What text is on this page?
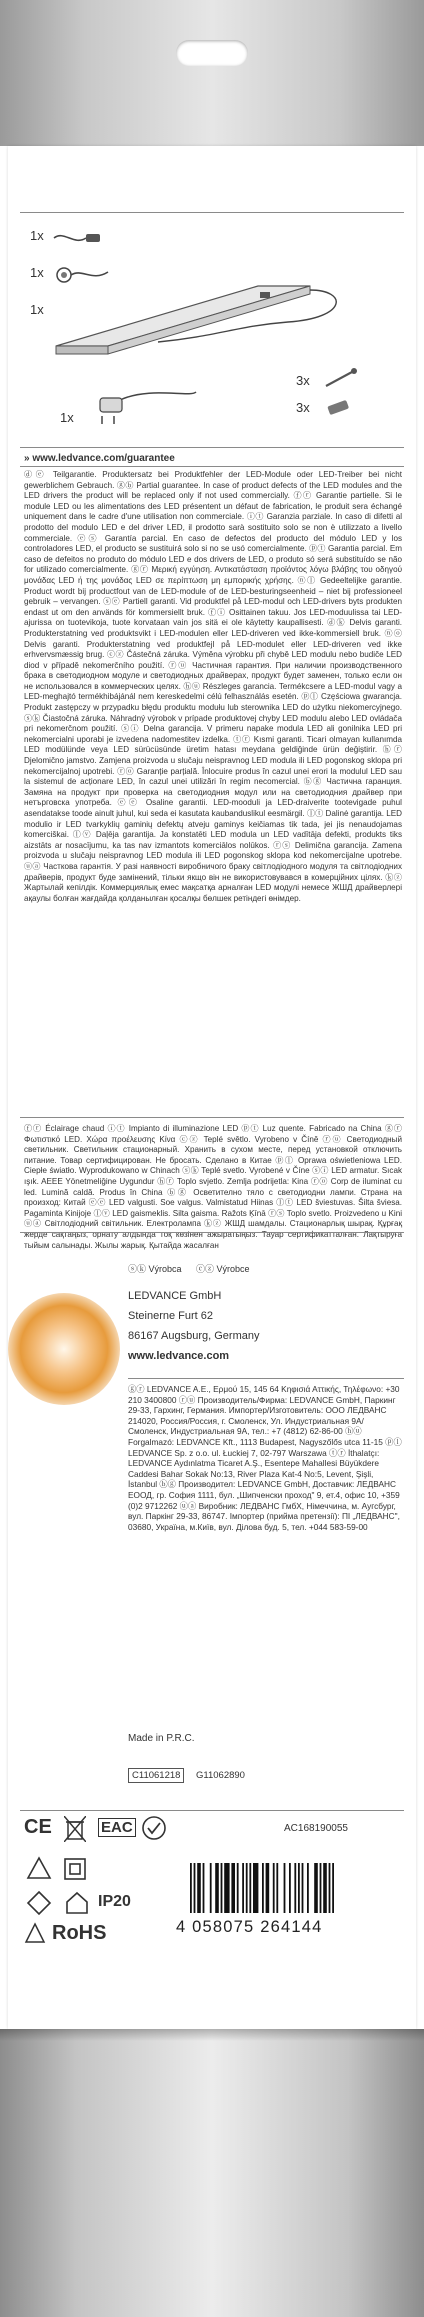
1x
1x
1x
1x
3x
3x
» www.ledvance.com/guarantee

ⓓⓔ Teilgarantie. Produktersatz bei Produktfehler der LED-Module oder LED-Treiber bei nicht gewerblichem Gebrauch. ⓖⓑ Partial guarantee. In case of product defects of the LED modules and the LED drivers the product will be replaced only if not used commercially. ⓕⓡ Garantie partielle. Si le module LED ou les alimentations des LED présentent un défaut de fabrication, le produit sera échangé uniquement dans le cadre d'une utilisation non commerciale. ⓘⓣ Garanzia parziale. In caso di difetti al prodotto del modulo LED e del driver LED, il prodotto sarà sostituito solo se non è utilizzato a livello commerciale. ⓔⓢ Garantía parcial. En caso de defectos del producto del módulo LED y los controladores LED, el producto se sustituirá solo si no se usó comercialmente. ⓟⓣ Garantia parcial. Em caso de defeitos no produto do módulo LED e dos drivers de LED, o produto só será substituído se não for utilizado comercialmente. ⓖⓡ Μερική εγγύηση. Αντικατάσταση προϊόντος λόγω βλάβης του οδηγού μονάδας LED ή της μονάδας LED σε περίπτωση μη εμπορικής χρήσης. ⓝⓛ Gedeeltelijke garantie. Product wordt bij productfout van de LED-module of de LED-besturingseenheid – niet bij professioneel gebruik – vervangen. ⓢⓔ Partiell garanti. Vid produktfel på LED-modul och LED-drivers byts produkten endast ut om den används för kommersiellt bruk. ⓕⓘ Osittainen takuu. Jos LED-moduulissa tai LED-ajurissa on tuotevikoja, tuote korvataan vain jos sitä ei ole käytetty kaupallisesti. ⓓⓚ Delvis garanti. Produkterstatning ved produktsvikt i LED-modulen eller LED-driveren ved ikke-kommersiell bruk. ⓝⓞ Delvis garanti. Produkterstatning ved produktfejl på LED-modulet eller LED-driveren ved ikke erhvervsmæssig brug. ⓒⓩ Částečná záruka. Výměna výrobku při chybě LED modulu nebo budiče LED diod v případě nekomerčního použití. ⓡⓤ Частичная гарантия. При наличии производственного брака в светодиодном модуле и светодиодных драйверах, продукт будет заменен, только если он не использовался в коммерческих целях. ⓗⓤ Részleges garancia. Termékcsere a LED-modul vagy a LED-meghajtó termékhibájánál nem kereskedelmi célú felhasználás esetén. ⓟⓛ Częściowa gwarancja. Produkt zastępczy w przypadku błędu produktu modułu lub sterownika LED do użytku niekomercyjnego. ⓢⓚ Čiastočná záruka. Náhradný výrobok v prípade produktovej chyby LED modulu alebo LED ovládača pri nekomerčnom použití. ⓢⓘ Delna garancija. V primeru napake modula LED ali gonilnika LED pri nekomercialni uporabi je izvedena nadomestitev izdelka. ⓣⓡ Kısmi garanti. Ticari olmayan kullanımda LED modülünde veya LED sürücüsünde üretim hatası meydana geldiğinde ürün değiştirir. ⓗⓡ Djelomično jamstvo. Zamjena proizvoda u slučaju neispravnog LED modula ili LED pogonskog sklopa pri nekomercijalnoj upotrebi. ⓡⓞ Garanție parțială. Înlocuire produs în cazul unei erori la modulul LED sau la sistemul de acționare LED, în cazul unei utilizări în regim necomercial. ⓑⓖ Частична гаранция. Замяна на продукт при проверка на светодиодния модул или на светодиодния драйвер при нетърговска употреба. ⓔⓔ Osaline garantii. LED-mooduli ja LED-draiverite tootevigade puhul asendatakse toode ainult juhul, kui seda ei kasutata kaubanduslikul eesmärgil. ⓛⓣ Dalinė garantija. LED modulio ir LED tvarkyklių gaminių defektų atveju gaminys keičiamas tik tada, jei jis nenaudojamas komerciškai. ⓛⓥ Daļēja garantija. Ja konstatēti LED modula un LED vadītāja defekti, produkts tiks aizstāts ar nosacījumu, ka tas nav izmantots komerciālos nolūkos. ⓡⓢ Delimična garancija. Zamena proizvoda u slučaju neispravnog LED modula ili LED pogonskog sklopa kod nekomercijalne upotrebe. ⓤⓐ Часткова гарантія. У разі наявності виробничого браку світлодіодного модуля та світлодіодних драйверів, продукт буде замінений, тільки якщо він не використовувався в комерційних цілях. ⓚⓩ Жартылай кепілдік. Коммерциялық емес мақсатқа арналған LED модулі немесе ЖШД драйверлері ақаулы болған жағдайда қолданылған қосалқы бөлшек ретіндегі өнімдер.

ⓕⓡ Éclairage chaud ⓘⓣ Impianto di illuminazione LED ⓟⓣ Luz quente. Fabricado na China ⓖⓡ Φωτιστικό LED. Χώρα προέλευσης Κίνα ⓒⓩ Teplé světlo. Vyrobeno v Číně ⓡⓤ Светодиодный светильник. Светильник стационарный. Хранить в сухом месте, перед установкой отключить питание. Товар сертифицирован. Не бросать. Сделано в Китае ⓟⓛ Oprawa oświetleniowa LED. Ciepłe światło. Wyprodukowano w Chinach ⓢⓚ Teplé svetlo. Vyrobené v Číne ⓢⓘ LED armatur. Sıcak ışık. AEEE Yönetmeliğine Uygundur ⓗⓡ Toplo svjetlo. Zemlja podrijetla: Kina ⓡⓞ Corp de iluminat cu led. Lumină caldă. Produs în China ⓑⓖ Осветително тяло с светодиодни лампи. Страна на произход: Китай ⓔⓔ LED valgusti. Soe valgus. Valmistatud Hiinas ⓛⓣ LED šviestuvas. Šilta šviesa. Pagaminta Kinijoje ⓛⓥ LED gaismeklis. Silta gaisma. Ražots Ķīnā ⓡⓢ Toplo svetlo. Proizvedeno u Kini ⓤⓐ Світлодіодний світильник. Електролампа ⓚⓩ ЖШД шамдалы. Стационарлық шырақ. Құрғақ жерде сақтаңыз, орнату алдында тоқ көзінен ажыратыңыз. Тауар сертификатталған. Лақтыруға тыйым салынады. Жылы жарық. Қытайда жасалған

ⓢⓚ Výrobca ⓒⓩ Výrobce
LEDVANCE GmbH
Steinerne Furt 62
86167 Augsburg, Germany
www.ledvance.com

ⓖⓡ LEDVANCE A.E., Ερμού 15, 145 64 Κηφισιά Αττικής, Τηλέφωνο: +30 210 3400800 ⓡⓤ Производитель/Фирма: LEDVANCE GmbH, Паркинг 29-33, Гархинг, Германия. Импортер/Изготовитель: ООО ЛЕДВАНС 214020, Россия/Россия, г. Смоленск, Ул. Индустриальная 9А/Смоленск, Индустриальная 9А, тел.: +7 (4812) 62-86-00 ⓗⓤ Forgalmazó: LEDVANCE Kft., 1113 Budapest, Nagyszőlős utca 11-15 ⓟⓛ LEDVANCE Sp. z o.o. ul. Łuckiej 7, 02-797 Warszawa ⓣⓡ İthalatçı: LEDVANCE Aydınlatma Ticaret A.Ş., Esentepe Mahallesi Büyükdere Caddesi Bahar Sokak No:13, River Plaza Kat-4 No:5, Levent, Şişli, İstanbul ⓑⓖ Производител: LEDVANCE GmbH, Доставчик: ЛЕДВАНС ЕООД, гр. София 1111, бул. „Шипченски проход" 9, ет.4, офис 10, +359 (0)2 9712262 ⓤⓐ Виробник: ЛЕДВАНС ГмбХ, Німеччина, м. Аугсбург, вул. Паркінг 29-33, 86747. Імпортер (прийма претензії): ПІ „ЛЕДВАНС", 03680, Україна, м.Київ, вул. Ділова буд. 5, тел. +044 583-59-00

Made in P.R.C.
C11061218	G11062890
CE	EAC	AC168190055
IP20
RoHS	4 058075 264144
